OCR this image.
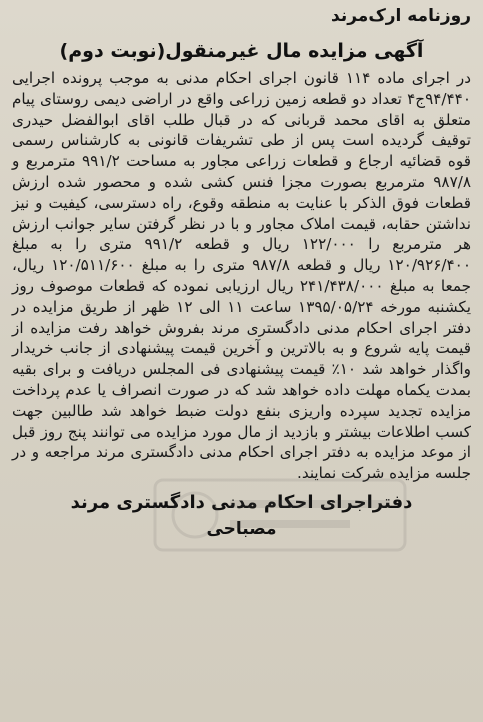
روزنامه ارک
مرند
آگهی مزایده مال غیرمنقول(نوبت دوم)

در اجرای ماده ۱۱۴ قانون اجرای احکام مدنی به موجب پرونده اجرایی ۹۴/۴۴۰ج۴ تعداد دو قطعه زمین زراعی واقع در اراضی دیمی روستای پیام متعلق به اقای محمد قربانی که در قبال طلب اقای ابوالفضل حیدری توقیف گردیده است پس از طی تشریفات قانونی به کارشناس رسمی قوه قضائیه ارجاع و قطعات زراعی مجاور به مساحت ۹۹۱/۲ مترمربع و ۹۸۷/۸ مترمربع بصورت مجزا فنس کشی شده و محصور شده ارزش قطعات فوق الذکر با عنایت به منطقه وقوع، راه دسترسی، کیفیت و نیز نداشتن حقابه، قیمت املاک مجاور و با در نظر گرفتن سایر جوانب ارزش هر مترمربع را ۱۲۲/۰۰۰ ریال و قطعه ۹۹۱/۲ متری را به مبلغ ۱۲۰/۹۲۶/۴۰۰ ریال و قطعه ۹۸۷/۸ متری را به مبلغ ۱۲۰/۵۱۱/۶۰۰ ریال، جمعا به مبلغ ۲۴۱/۴۳۸/۰۰۰ ریال ارزیابی نموده که قطعات موصوف روز یکشنبه مورخه ۱۳۹۵/۰۵/۲۴ ساعت ۱۱ الی ۱۲ ظهر از طریق مزایده در دفتر اجرای احکام مدنی دادگستری مرند بفروش خواهد رفت مزایده از قیمت پایه شروع و به بالاترین و آخرین قیمت پیشنهادی از جانب خریدار واگذار خواهد شد ۱۰٪ قیمت پیشنهادی فی المجلس دریافت و برای بقیه بمدت یکماه مهلت داده خواهد شد که در صورت انصراف یا عدم پرداخت مزایده تجدید سپرده واریزی بنفع دولت ضبط خواهد شد طالبین جهت کسب اطلاعات بیشتر و بازدید از مال مورد مزایده می توانند پنج روز قبل از موعد مزایده به دفتر اجرای احکام مدنی دادگستری مرند مراجعه و در جلسه مزایده شرکت نمایند.

دفتراجرای احکام مدنی دادگستری مرند
مصباحی
